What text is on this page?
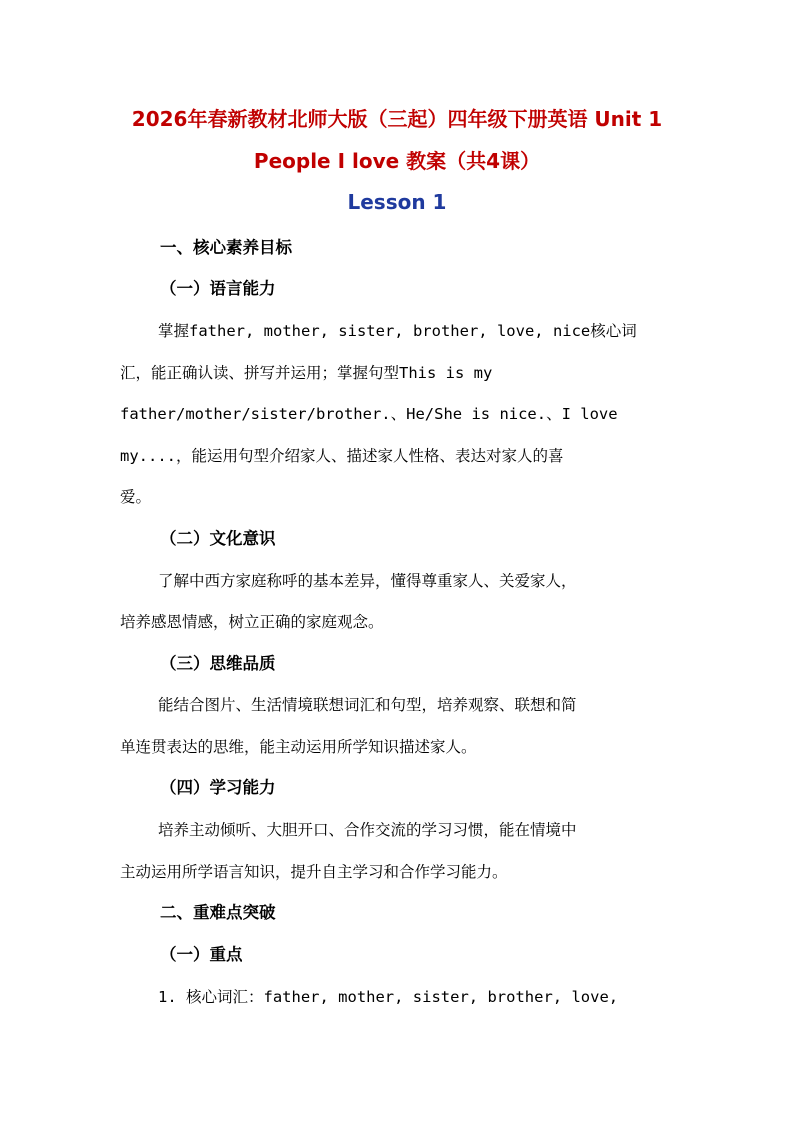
2026年春新教材北师大版（三起）四年级下册英语 Unit 1
People I love 教案（共4课）
Lesson 1
一、核心素养目标
（一）语言能力
掌握father, mother, sister, brother, love, nice核心词
汇，能正确认读、拼写并运用；掌握句型This is my
father/mother/sister/brother.、He/She is nice.、I love
my....，能运用句型介绍家人、描述家人性格、表达对家人的喜
爱。
（二）文化意识
了解中西方家庭称呼的基本差异，懂得尊重家人、关爱家人，
培养感恩情感，树立正确的家庭观念。
（三）思维品质
能结合图片、生活情境联想词汇和句型，培养观察、联想和简
单连贯表达的思维，能主动运用所学知识描述家人。
（四）学习能力
培养主动倾听、大胆开口、合作交流的学习习惯，能在情境中
主动运用所学语言知识，提升自主学习和合作学习能力。
二、重难点突破
（一）重点
1. 核心词汇：father, mother, sister, brother, love,
